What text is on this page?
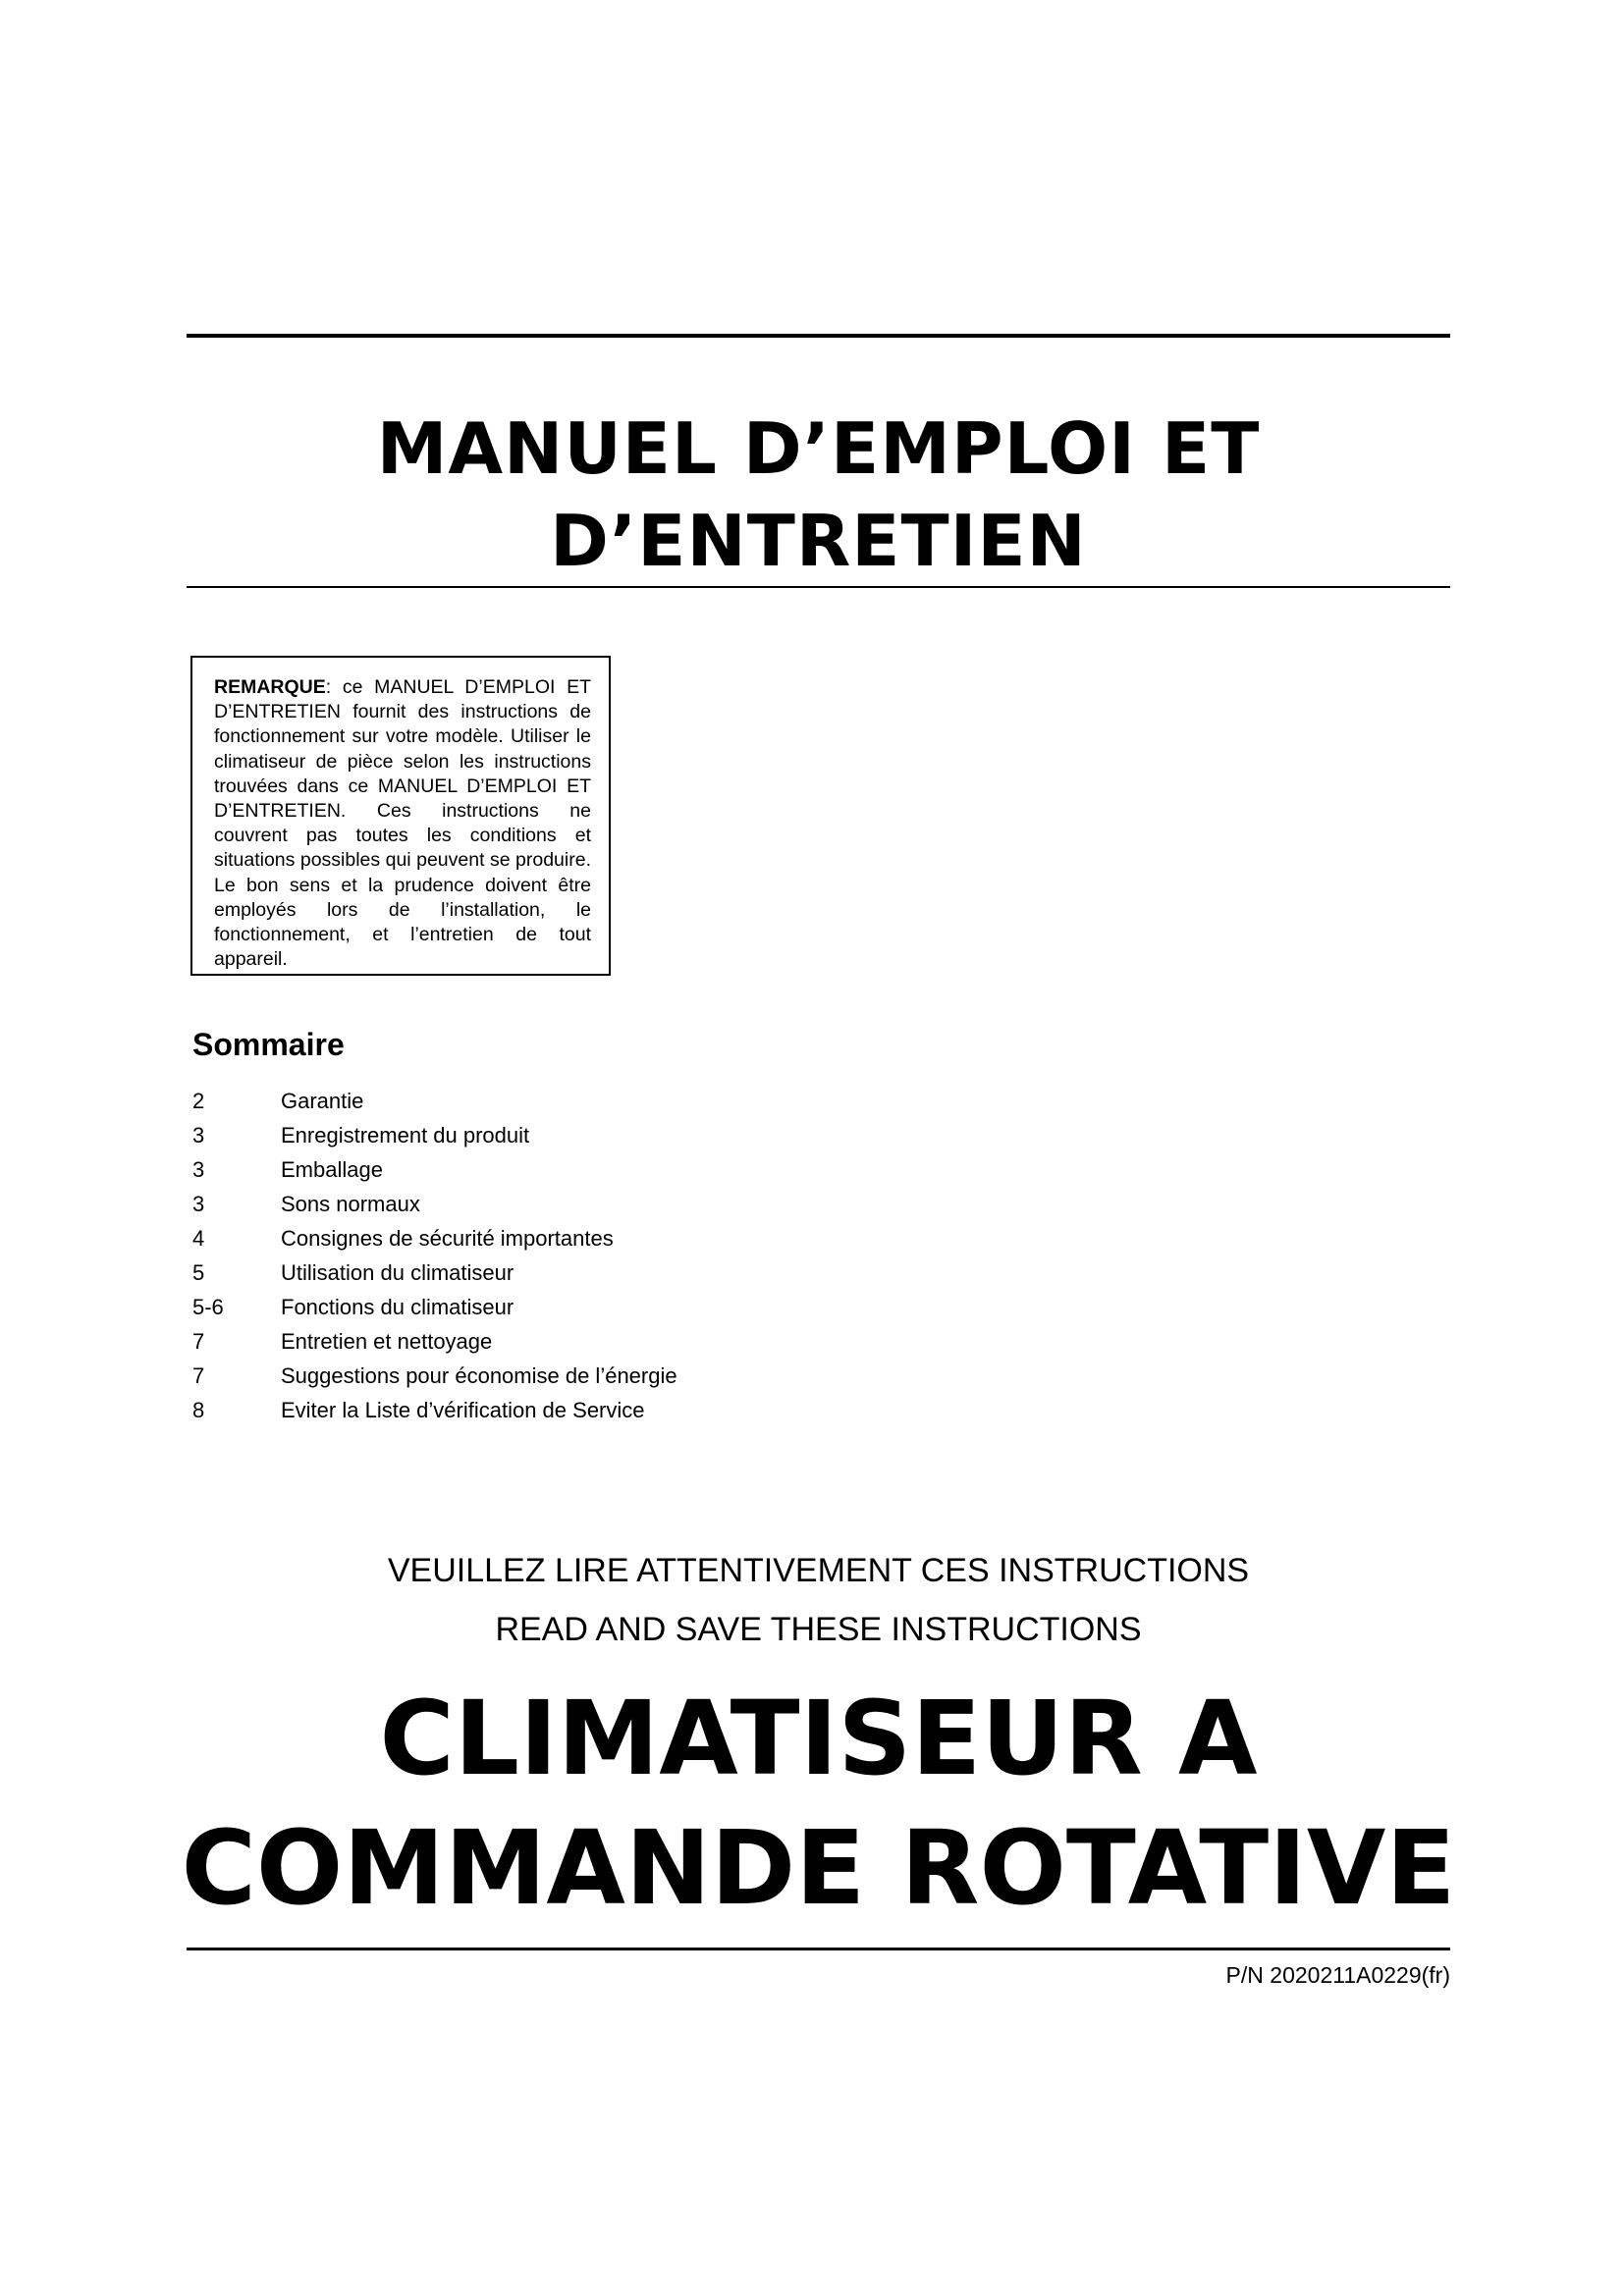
MANUEL D’EMPLOI ET
D’ENTRETIEN
REMARQUE: ce MANUEL D’EMPLOI ET D’ENTRETIEN fournit des instructions de fonctionnement sur votre modèle. Utiliser le climatiseur de pièce selon les instructions trouvées dans ce MANUEL D’EMPLOI ET D’ENTRETIEN. Ces instructions ne couvrent pas toutes les conditions et situations possibles qui peuvent se produire. Le bon sens et la prudence doivent être employés lors de l’installation, le fonctionnement, et l’entretien de tout appareil.
Sommaire
2	Garantie
3	Enregistrement du produit
3	Emballage
3	Sons normaux
4	Consignes de sécurité importantes
5	Utilisation du climatiseur
5-6	Fonctions du climatiseur
7	Entretien et nettoyage
7	Suggestions pour économise de l’énergie
8	Eviter la Liste d’vérification de Service

VEUILLEZ LIRE ATTENTIVEMENT CES INSTRUCTIONS

READ AND SAVE THESE INSTRUCTIONS

CLIMATISEUR A
COMMANDE ROTATIVE

P/N 2020211A0229(fr)
